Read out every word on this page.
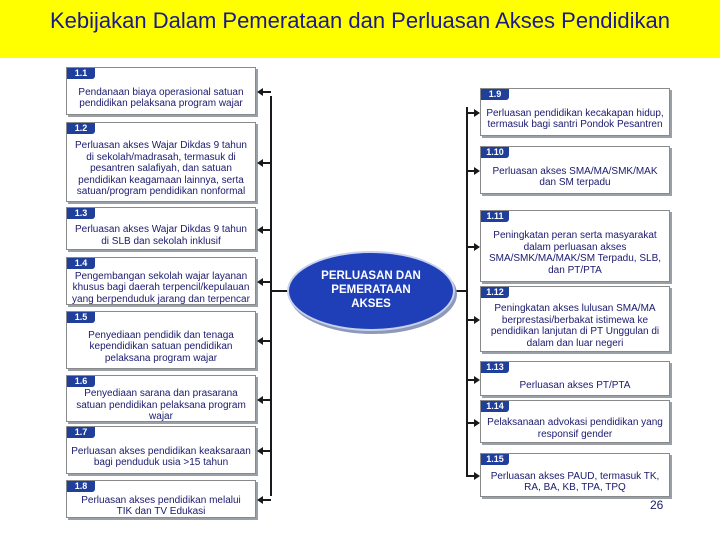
Kebijakan Dalam Pemerataan dan Perluasan Akses Pendidikan
PERLUASAN DAN
PEMERATAAN
AKSES
1.1
Pendanaan biaya operasional satuan
pendidikan pelaksana program wajar
1.2
Perluasan akses Wajar Dikdas 9 tahun
di sekolah/madrasah, termasuk di
pesantren salafiyah, dan satuan
pendidikan keagamaan lainnya, serta
satuan/program pendidikan nonformal
1.3
Perluasan akses Wajar Dikdas 9 tahun
di SLB dan sekolah inklusif
1.4
Pengembangan sekolah wajar layanan
khusus bagi daerah terpencil/kepulauan
yang berpenduduk jarang dan terpencar
1.5
Penyediaan pendidik dan tenaga
kependidikan satuan pendidikan
pelaksana program wajar
1.6
Penyediaan sarana dan prasarana
satuan pendidikan pelaksana program
wajar
1.7
Perluasan akses pendidikan keaksaraan
bagi penduduk usia >15 tahun
1.8
Perluasan akses pendidikan melalui
TIK dan TV Edukasi
1.9
Perluasan pendidikan kecakapan hidup,
termasuk bagi santri Pondok Pesantren
1.10
Perluasan akses SMA/MA/SMK/MAK
dan SM terpadu
1.11
Peningkatan peran serta masyarakat
dalam perluasan akses
SMA/SMK/MA/MAK/SM Terpadu, SLB,
dan PT/PTA
1.12
Peningkatan akses lulusan SMA/MA
berprestasi/berbakat istimewa ke
pendidikan lanjutan di PT Unggulan di
dalam dan luar negeri
1.13
Perluasan akses PT/PTA
1.14
Pelaksanaan advokasi pendidikan yang
responsif gender
1.15
Perluasan akses PAUD, termasuk TK,
RA, BA, KB, TPA, TPQ
26
